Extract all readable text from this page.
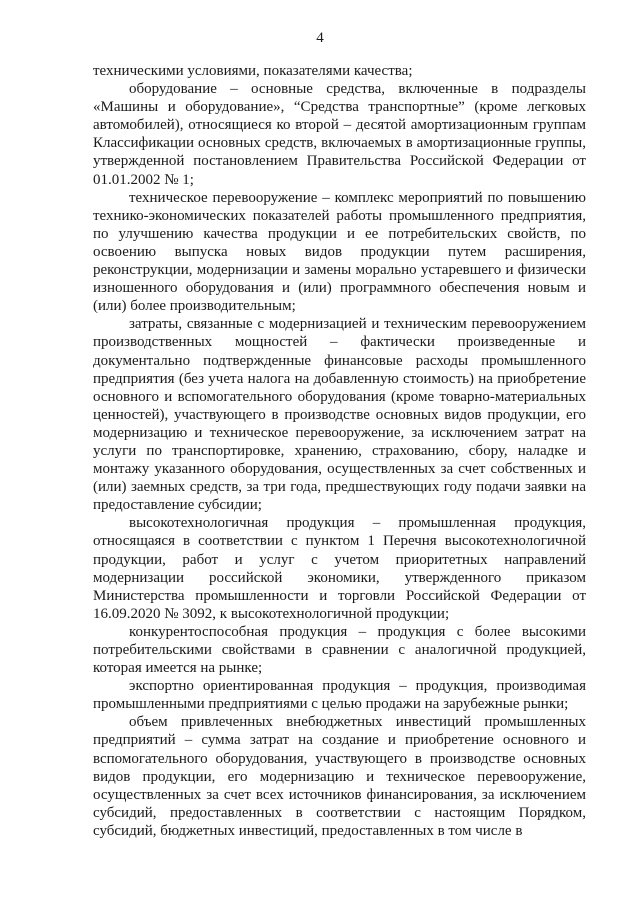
4

техническими условиями, показателями качества;

оборудование – основные средства, включенные в подразделы «Машины и оборудование», “Средства транспортные” (кроме легковых автомобилей), относящиеся ко второй – десятой амортизационным группам Классификации основных средств, включаемых в амортизационные группы, утвержденной постановлением Правительства Российской Федерации от 01.01.2002 № 1;

техническое перевооружение – комплекс мероприятий по повышению технико-экономических показателей работы промышленного предприятия, по улучшению качества продукции и ее потребительских свойств, по освоению выпуска новых видов продукции путем расширения, реконструкции, модернизации и замены морально устаревшего и физически изношенного оборудования и (или) программного обеспечения новым и (или) более производительным;

затраты, связанные с модернизацией и техническим перевооружением производственных мощностей – фактически произведенные и документально подтвержденные финансовые расходы промышленного предприятия (без учета налога на добавленную стоимость) на приобретение основного и вспомогательного оборудования (кроме товарно-материальных ценностей), участвующего в производстве основных видов продукции, его модернизацию и техническое перевооружение, за исключением затрат на услуги по транспортировке, хранению, страхованию, сбору, наладке и монтажу указанного оборудования, осуществленных за счет собственных и (или) заемных средств, за три года, предшествующих году подачи заявки на предоставление субсидии;

высокотехнологичная продукция – промышленная продукция, относящаяся в соответствии с пунктом 1 Перечня высокотехнологичной продукции, работ и услуг с учетом приоритетных направлений модернизации российской экономики, утвержденного приказом Министерства промышленности и торговли Российской Федерации от 16.09.2020 № 3092, к высокотехнологичной продукции;

конкурентоспособная продукция – продукция с более высокими потребительскими свойствами в сравнении с аналогичной продукцией, которая имеется на рынке;

экспортно ориентированная продукция – продукция, производимая промышленными предприятиями с целью продажи на зарубежные рынки;

объем привлеченных внебюджетных инвестиций промышленных предприятий – сумма затрат на создание и приобретение основного и вспомогательного оборудования, участвующего в производстве основных видов продукции, его модернизацию и техническое перевооружение, осуществленных за счет всех источников финансирования, за исключением субсидий, предоставленных в соответствии с настоящим Порядком, субсидий, бюджетных инвестиций, предоставленных в том числе в
